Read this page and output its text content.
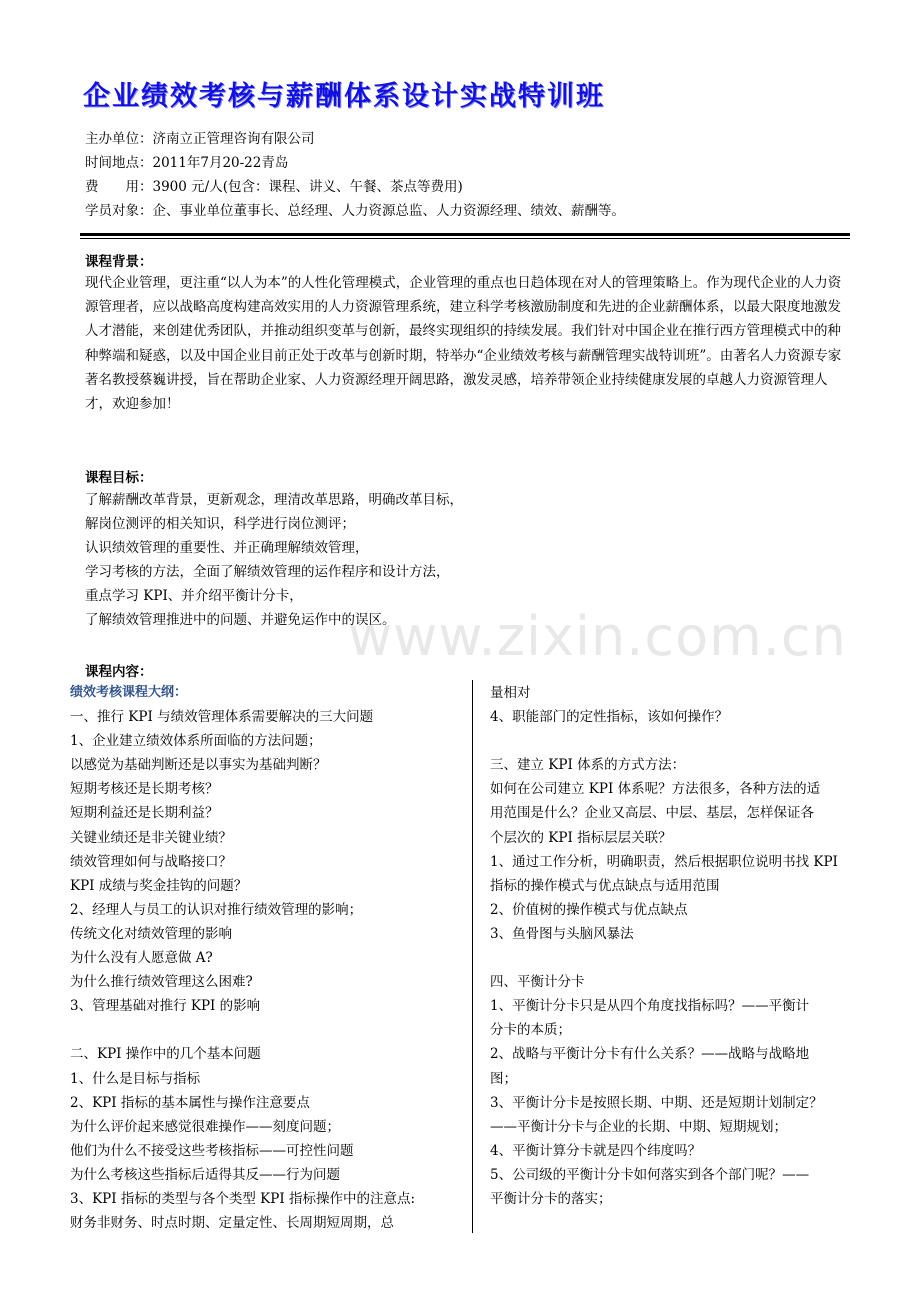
企业绩效考核与薪酬体系设计实战特训班
主办单位：济南立正管理咨询有限公司
时间地点：2011年7月20-22青岛
费　　用：3900 元/人(包含：课程、讲义、午餐、茶点等费用)
学员对象：企、事业单位董事长、总经理、人力资源总监、人力资源经理、绩效、薪酬等。
课程背景：

现代企业管理，更注重“以人为本”的人性化管理模式，企业管理的重点也日趋体现在对人的管理策略上。作为现代企业的人力资源管理者，应以战略高度构建高效实用的人力资源管理系统，建立科学考核激励制度和先进的企业薪酬体系，以最大限度地激发人才潜能，来创建优秀团队，并推动组织变革与创新，最终实现组织的持续发展。我们针对中国企业在推行西方管理模式中的种种弊端和疑惑，以及中国企业目前正处于改革与创新时期，特举办“企业绩效考核与薪酬管理实战特训班”。由著名人力资源专家著名教授蔡巍讲授，旨在帮助企业家、人力资源经理开阔思路，激发灵感，培养带领企业持续健康发展的卓越人力资源管理人才，欢迎参加！

课程目标：
了解薪酬改革背景，更新观念，理清改革思路，明确改革目标，
解岗位测评的相关知识，科学进行岗位测评；
认识绩效管理的重要性、并正确理解绩效管理，
学习考核的方法，全面了解绩效管理的运作程序和设计方法，
重点学习 KPI、并介绍平衡计分卡，
了解绩效管理推进中的问题、并避免运作中的误区。
www.zixin.com.cn
课程内容：
绩效考核课程大纲：
一、推行 KPI 与绩效管理体系需要解决的三大问题
1、企业建立绩效体系所面临的方法问题；
以感觉为基础判断还是以事实为基础判断？
短期考核还是长期考核？
短期利益还是长期利益？
关键业绩还是非关键业绩？
绩效管理如何与战略接口？
KPI 成绩与奖金挂钩的问题？
2、经理人与员工的认识对推行绩效管理的影响；
传统文化对绩效管理的影响
为什么没有人愿意做 A?
为什么推行绩效管理这么困难?
3、管理基础对推行 KPI 的影响
二、KPI 操作中的几个基本问题
1、什么是目标与指标
2、KPI 指标的基本属性与操作注意要点
为什么评价起来感觉很难操作——刻度问题；
他们为什么不接受这些考核指标——可控性问题
为什么考核这些指标后适得其反——行为问题
3、KPI 指标的类型与各个类型 KPI 指标操作中的注意点:
财务非财务、时点时期、定量定性、长周期短周期，总
量相对
4、职能部门的定性指标，该如何操作？
三、建立 KPI 体系的方式方法：
如何在公司建立 KPI 体系呢？方法很多，各种方法的适
用范围是什么？企业又高层、中层、基层，怎样保证各
个层次的 KPI 指标层层关联？
1、通过工作分析，明确职责，然后根据职位说明书找 KPI
指标的操作模式与优点缺点与适用范围
2、价值树的操作模式与优点缺点
3、鱼骨图与头脑风暴法
四、平衡计分卡
1、平衡计分卡只是从四个角度找指标吗？——平衡计
分卡的本质；
2、战略与平衡计分卡有什么关系？——战略与战略地
图；
3、平衡计分卡是按照长期、中期、还是短期计划制定？
——平衡计分卡与企业的长期、中期、短期规划；
4、平衡计算分卡就是四个纬度吗？
5、公司级的平衡计分卡如何落实到各个部门呢？——
平衡计分卡的落实；
